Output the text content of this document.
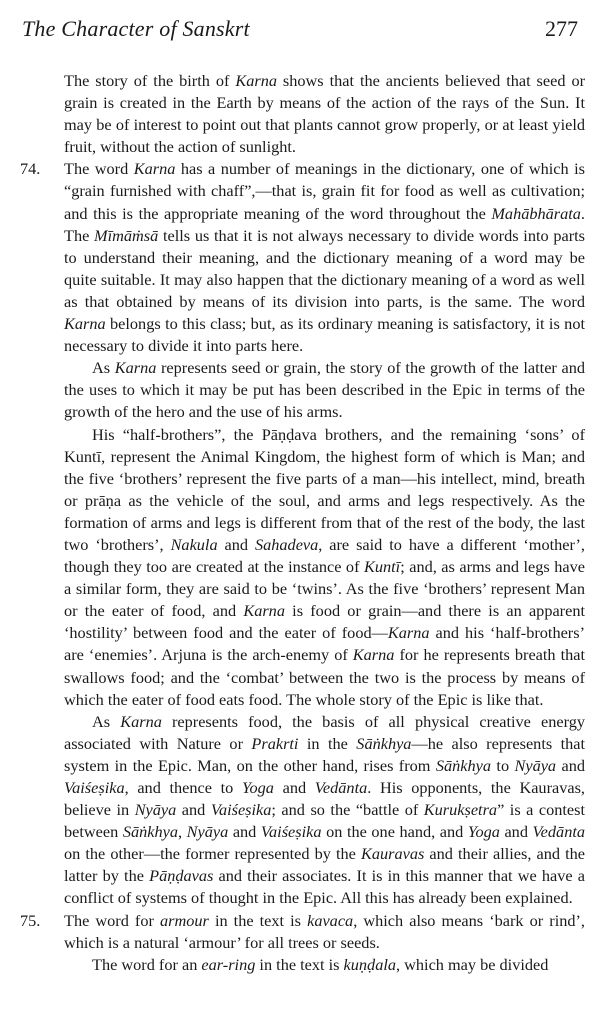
The Character of Sanskrt	277

The story of the birth of Karna shows that the ancients believed that seed or grain is created in the Earth by means of the action of the rays of the Sun. It may be of interest to point out that plants cannot grow properly, or at least yield fruit, without the action of sunlight.

74.	The word Karna has a number of meanings in the dictionary, one of which is “grain furnished with chaff”,—that is, grain fit for food as well as cultivation; and this is the appropriate meaning of the word throughout the Mahābhārata. The Mīmāṁsā tells us that it is not always necessary to divide words into parts to understand their meaning, and the dictionary meaning of a word may be quite suitable. It may also happen that the dictionary meaning of a word as well as that obtained by means of its division into parts, is the same. The word Karna belongs to this class; but, as its ordinary meaning is satisfactory, it is not necessary to divide it into parts here.

As Karna represents seed or grain, the story of the growth of the latter and the uses to which it may be put has been described in the Epic in terms of the growth of the hero and the use of his arms.

His “half-brothers”, the Pāṇḍava brothers, and the remaining ‘sons’ of Kuntī, represent the Animal Kingdom, the highest form of which is Man; and the five ‘brothers’ represent the five parts of a man—his intellect, mind, breath or prāṇa as the vehicle of the soul, and arms and legs respectively. As the formation of arms and legs is different from that of the rest of the body, the last two ‘brothers’, Nakula and Sahadeva, are said to have a different ‘mother’, though they too are created at the instance of Kuntī; and, as arms and legs have a similar form, they are said to be ‘twins’. As the five ‘brothers’ represent Man or the eater of food, and Karna is food or grain—and there is an apparent ‘hostility’ between food and the eater of food—Karna and his ‘half-brothers’ are ‘enemies’. Arjuna is the arch-enemy of Karna for he represents breath that swallows food; and the ‘combat’ between the two is the process by means of which the eater of food eats food. The whole story of the Epic is like that.

As Karna represents food, the basis of all physical creative energy associated with Nature or Prakrti in the Sāṅkhya—he also represents that system in the Epic. Man, on the other hand, rises from Sāṅkhya to Nyāya and Vaiśeṣika, and thence to Yoga and Vedānta. His opponents, the Kauravas, believe in Nyāya and Vaiśeṣika; and so the “battle of Kurukṣetra” is a contest between Sāṅkhya, Nyāya and Vaiśeṣika on the one hand, and Yoga and Vedānta on the other—the former represented by the Kauravas and their allies, and the latter by the Pāṇḍavas and their associates. It is in this manner that we have a conflict of systems of thought in the Epic. All this has already been explained.

75.	The word for armour in the text is kavaca, which also means ‘bark or rind’, which is a natural ‘armour’ for all trees or seeds.

The word for an ear-ring in the text is kuṇḍala, which may be divided
